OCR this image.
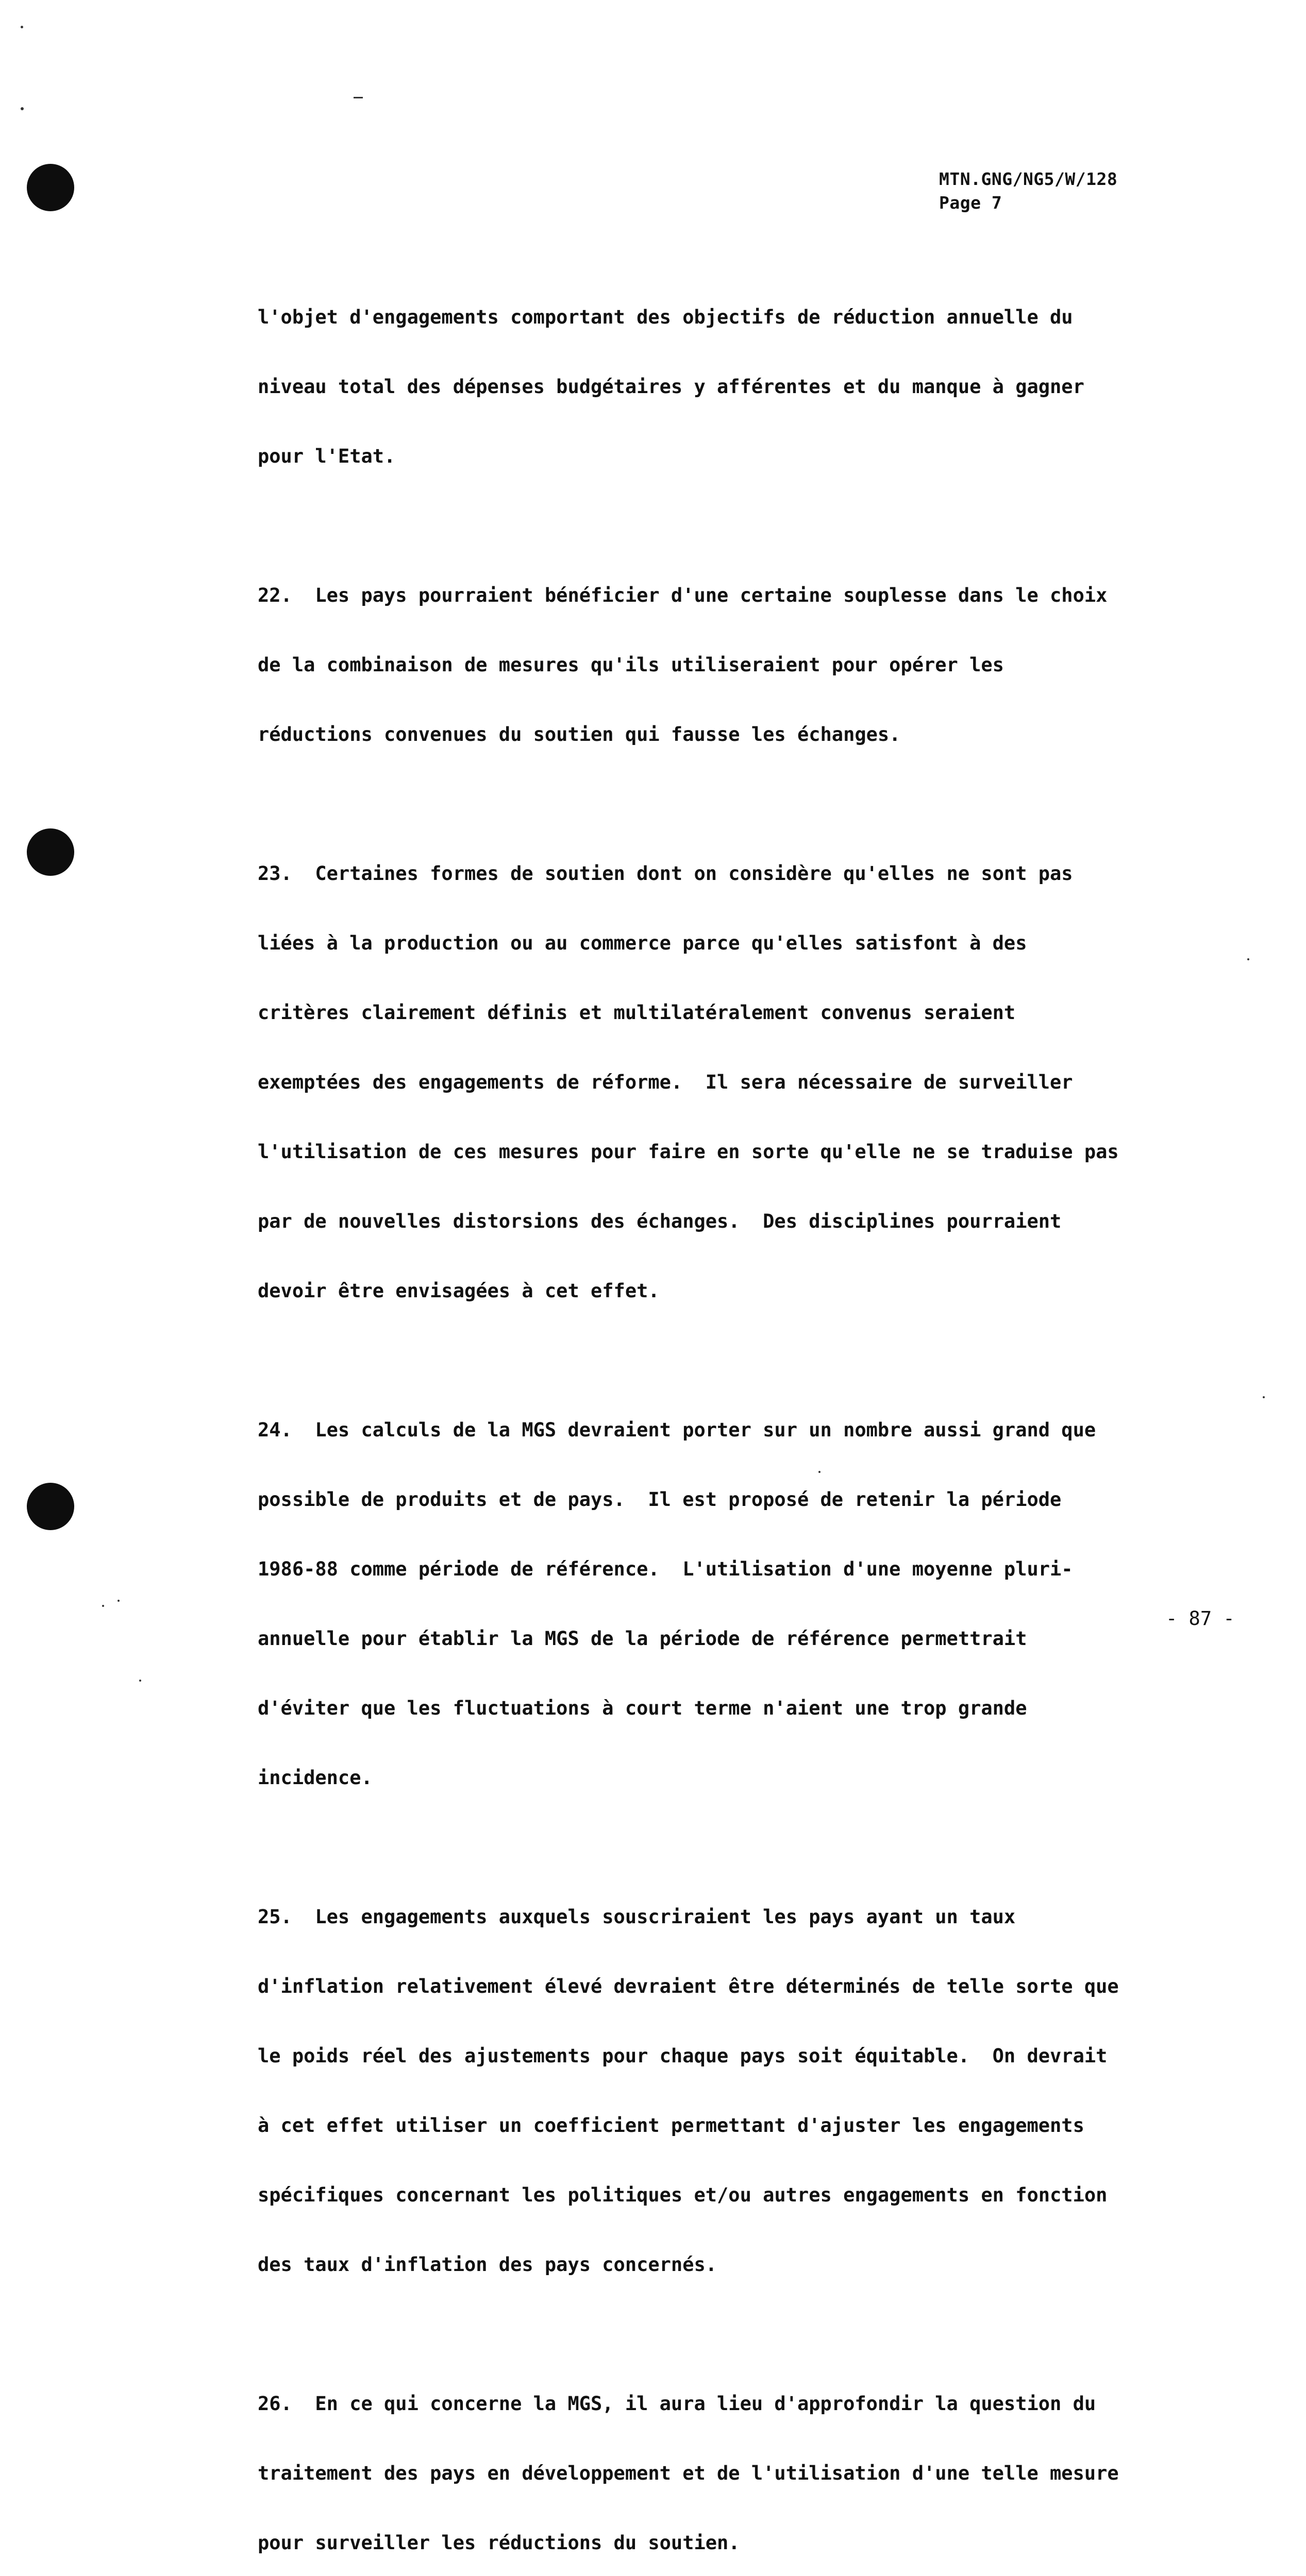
MTN.GNG/NG5/W/128
Page 7

l'objet d'engagements comportant des objectifs de réduction annuelle du

niveau total des dépenses budgétaires y afférentes et du manque à gagner

pour l'Etat.

22.  Les pays pourraient bénéficier d'une certaine souplesse dans le choix

de la combinaison de mesures qu'ils utiliseraient pour opérer les

réductions convenues du soutien qui fausse les échanges.

23.  Certaines formes de soutien dont on considère qu'elles ne sont pas

liées à la production ou au commerce parce qu'elles satisfont à des

critères clairement définis et multilatéralement convenus seraient

exemptées des engagements de réforme.  Il sera nécessaire de surveiller

l'utilisation de ces mesures pour faire en sorte qu'elle ne se traduise pas

par de nouvelles distorsions des échanges.  Des disciplines pourraient

devoir être envisagées à cet effet.

24.  Les calculs de la MGS devraient porter sur un nombre aussi grand que

possible de produits et de pays.  Il est proposé de retenir la période

1986-88 comme période de référence.  L'utilisation d'une moyenne pluri-

annuelle pour établir la MGS de la période de référence permettrait

d'éviter que les fluctuations à court terme n'aient une trop grande

incidence.

25.  Les engagements auxquels souscriraient les pays ayant un taux

d'inflation relativement élevé devraient être déterminés de telle sorte que

le poids réel des ajustements pour chaque pays soit équitable.  On devrait

à cet effet utiliser un coefficient permettant d'ajuster les engagements

spécifiques concernant les politiques et/ou autres engagements en fonction

des taux d'inflation des pays concernés.

26.  En ce qui concerne la MGS, il aura lieu d'approfondir la question du

traitement des pays en développement et de l'utilisation d'une telle mesure

pour surveiller les réductions du soutien.

- 87 -
